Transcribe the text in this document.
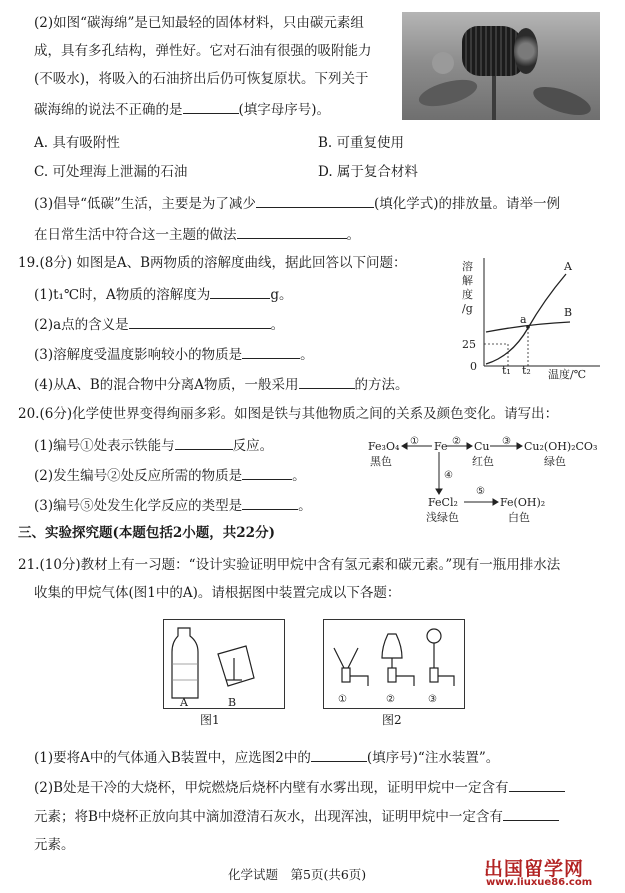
(2)如图“碳海绵”是已知最轻的固体材料，只由碳元素组
成，具有多孔结构，弹性好。它对石油有很强的吸附能力
(不吸水)，将吸入的石油挤出后仍可恢复原状。下列关于
碳海绵的说法不正确的是	(填字母序号)。
A. 具有吸附性	B. 可重复使用
C. 可处理海上泄漏的石油	D. 属于复合材料
(3)倡导“低碳”生活，主要是为了减少	(填化学式)的排放量。请举一例
在日常生活中符合这一主题的做法	。
19.(8分) 如图是A、B两物质的溶解度曲线，据此回答以下问题：
(1)t₁℃时，A物质的溶解度为	g。
(2)a点的含义是	。
(3)溶解度受温度影响较小的物质是	。
(4)从A、B的混合物中分离A物质，一般采用	的方法。
溶
解
度
/g
0
25
t₁ t₂ 温度/℃
A
B
a
20.(6分)化学使世界变得绚丽多彩。如图是铁与其他物质之间的关系及颜色变化。请写出：
(1)编号①处表示铁能与	反应。
(2)发生编号②处反应所需的物质是	。
(3)编号⑤处发生化学反应的类型是	。
Fe₃O₄
黑色
Fe Cu
红色
Cu₂(OH)₂CO₃
绿色
FeCl₂
浅绿色
Fe(OH)₂
白色
①	②	③
④
⑤
三、实验探究题(本题包括2小题，共22分)
21.(10分)教材上有一习题：“设计实验证明甲烷中含有氢元素和碳元素。”现有一瓶用排水法
收集的甲烷气体(图1中的A)。请根据图中装置完成以下各题：
A	B
图1
①	②	③
图2
(1)要将A中的气体通入B装置中，应选图2中的	(填序号)“注水装置”。
(2)B处是干冷的大烧杯，甲烷燃烧后烧杯内壁有水雾出现，证明甲烷中一定含有
元素；将B中烧杯正放向其中滴加澄清石灰水，出现浑浊，证明甲烷中一定含有
元素。
化学试题　第5页(共6页)	出国留学网
www.liuxue86.com
